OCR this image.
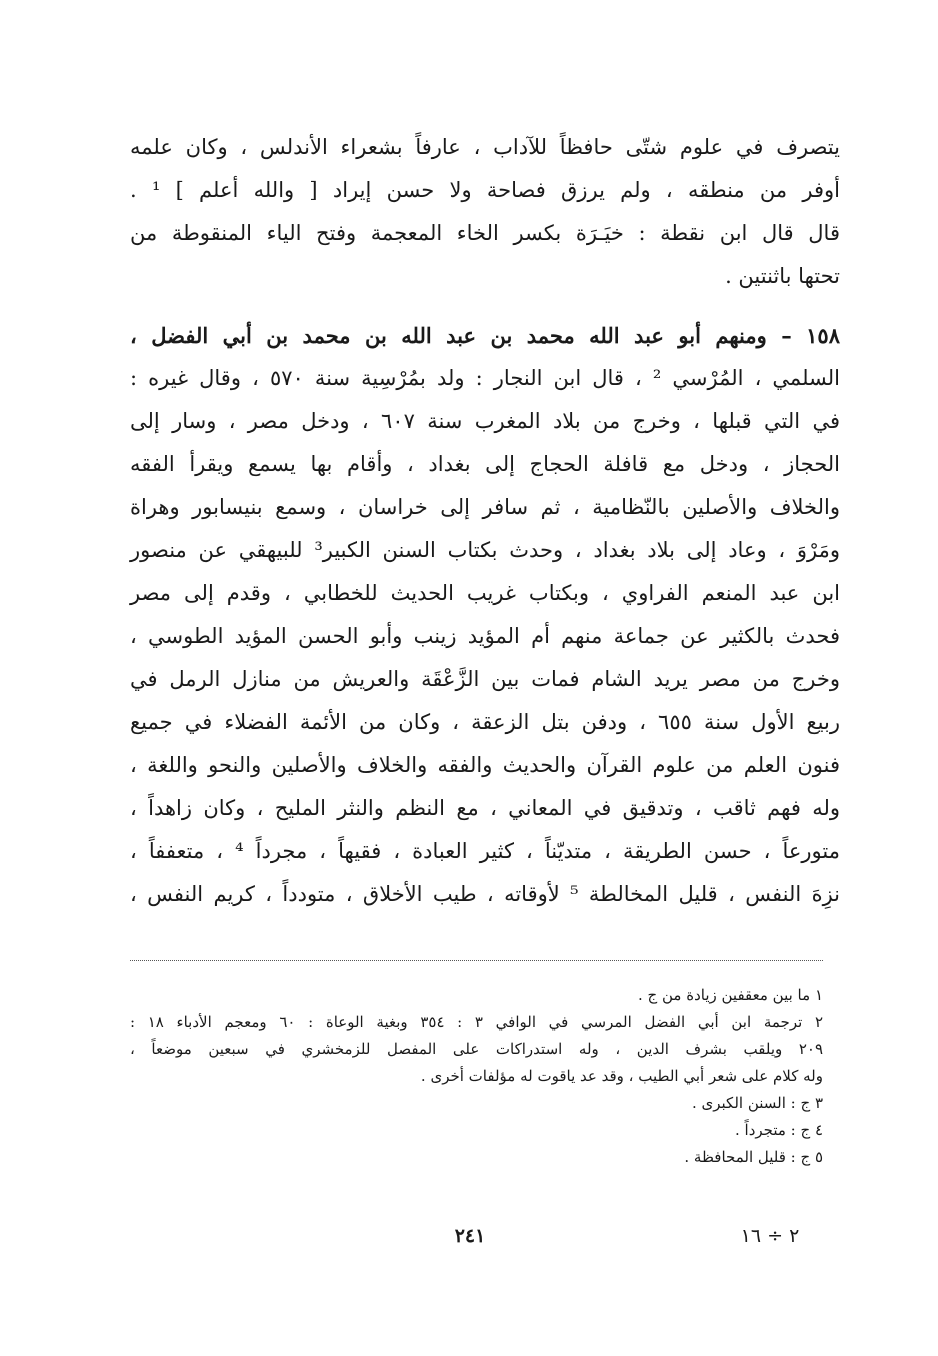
يتصرف في علوم شتّى حافظاً للآداب ، عارفاً بشعراء الأندلس ، وكان علمه
أوفر من منطقه ، ولم يرزق فصاحة ولا حسن إيراد [ والله أعلم ] ¹ .
قال قال ابن نقطة : خيَـرَة بكسر الخاء المعجمة وفتح الياء المنقوطة من
تحتها باثنتين .
١٥٨ – ومنهم أبو عبد الله محمد بن عبد الله بن محمد بن أبي الفضل ،
السلمي ، المُرْسي ² ، قال ابن النجار : ولد بمُرْسِية سنة ٥٧٠ ، وقال غيره :
في التي قبلها ، وخرج من بلاد المغرب سنة ٦٠٧ ، ودخل مصر ، وسار إلى
الحجاز ، ودخل مع قافلة الحجاج إلى بغداد ، وأقام بها يسمع ويقرأ الفقه
والخلاف والأصلين بالنّظامية ، ثم سافر إلى خراسان ، وسمع بنيسابور وهراة
ومَرْوَ ، وعاد إلى بلاد بغداد ، وحدث بكتاب السنن الكبير³ للبيهقي عن منصور
ابن عبد المنعم الفراوي ، وبكتاب غريب الحديث للخطابي ، وقدم إلى مصر
فحدث بالكثير عن جماعة منهم أم المؤيد زينب وأبو الحسن المؤيد الطوسي ،
وخرج من مصر يريد الشام فمات بين الزَّعْقَة والعريش من منازل الرمل في
ربيع الأول سنة ٦٥٥ ، ودفن بتل الزعقة ، وكان من الأئمة الفضلاء في جميع
فنون العلم من علوم القرآن والحديث والفقه والخلاف والأصلين والنحو واللغة ،
وله فهم ثاقب ، وتدقيق في المعاني ، مع النظم والنثر المليح ، وكان زاهداً ،
متورعاً ، حسن الطريقة ، متديّناً ، كثير العبادة ، فقيهاً ، مجرداً ⁴ ، متعففاً ،
نزِهَ النفس ، قليل المخالطة ⁵ لأوقاته ، طيب الأخلاق ، متودداً ، كريم النفس ،
١ ما بين معقفين زيادة من ج .
٢ ترجمة ابن أبي الفضل المرسي في الوافي ٣ : ٣٥٤ وبغية الوعاة : ٦٠ ومعجم الأدباء ١٨ :
٢٠٩ ويلقب بشرف الدين ، وله استدراكات على المفصل للزمخشري في سبعين موضعاً ،
وله كلام على شعر أبي الطيب ، وقد عد ياقوت له مؤلفات أخرى .
٣ ج : السنن الكبرى .
٤ ج : متجرداً .
٥ ج : قليل المحافظة .
٢٤١	٢ ÷ ١٦
